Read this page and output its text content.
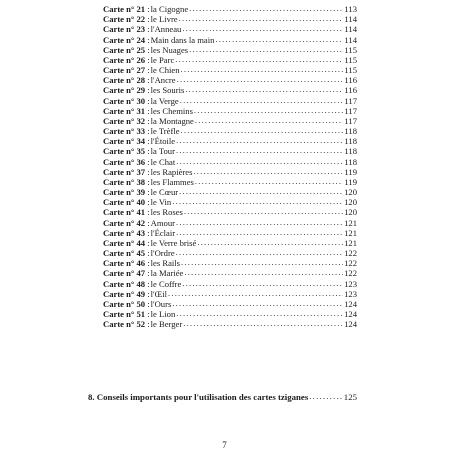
Carte n° 21 : la Cigogne .....	113
Carte n° 22 : le Livre .....	114
Carte n° 23 : l'Anneau .....	114
Carte n° 24 : Main dans la main .....	114
Carte n° 25 : les Nuages .....	115
Carte n° 26 : le Parc .....	115
Carte n° 27 : le Chien .....	115
Carte n° 28 : l'Ancre .....	116
Carte n° 29 : les Souris .....	116
Carte n° 30 : la Verge .....	117
Carte n° 31 : les Chemins .....	117
Carte n° 32 : la Montagne .....	117
Carte n° 33 : le Trèfle .....	118
Carte n° 34 : l'Étoile .....	118
Carte n° 35 : la Tour .....	118
Carte n° 36 : le Chat .....	118
Carte n° 37 : les Rapières .....	119
Carte n° 38 : les Flammes .....	119
Carte n° 39 : le Cœur .....	120
Carte n° 40 : le Vin .....	120
Carte n° 41 : les Roses .....	120
Carte n° 42 : Amour .....	121
Carte n° 43 : l'Éclair .....	121
Carte n° 44 : le Verre brisé .....	121
Carte n° 45 : l'Ordre .....	122
Carte n° 46 : les Rails .....	122
Carte n° 47 : la Mariée .....	122
Carte n° 48 : le Coffre .....	123
Carte n° 49 : l'Œil .....	123
Carte n° 50 : l'Ours .....	124
Carte n° 51 : le Lion .....	124
Carte n° 52 : le Berger .....	124
8. Conseils importants pour l'utilisation des cartes tziganes .....	125
7
